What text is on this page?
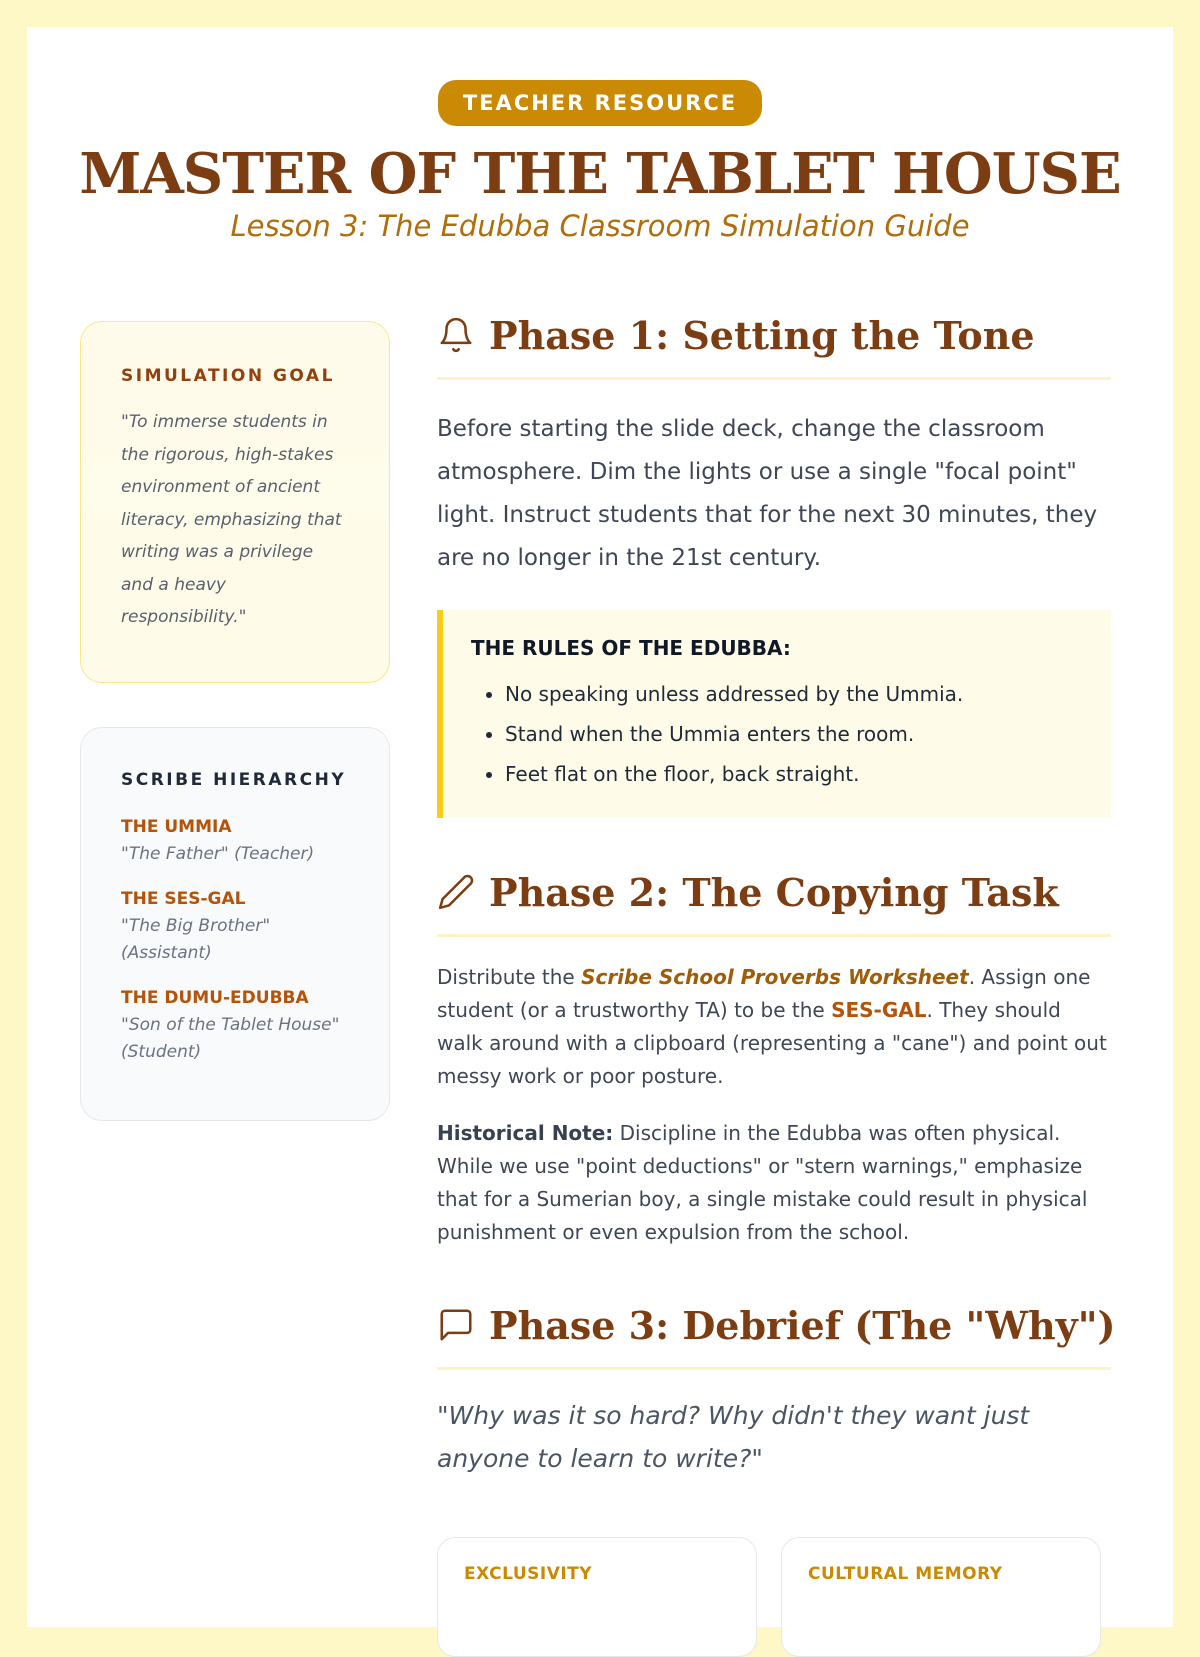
TEACHER RESOURCE
MASTER OF THE TABLET HOUSE

Lesson 3: The Edubba Classroom Simulation Guide

SIMULATION GOAL

"To immerse students in the rigorous, high-stakes environment of ancient literacy, emphasizing that writing was a privilege and a heavy responsibility."

SCRIBE HIERARCHY
THE UMMIA
"The Father" (Teacher)
THE SES-GAL
"The Big Brother" (Assistant)
THE DUMU-EDUBBA
"Son of the Tablet House" (Student)
Phase 1: Setting the Tone

Before starting the slide deck, change the classroom atmosphere. Dim the lights or use a single "focal point" light. Instruct students that for the next 30 minutes, they are no longer in the 21st century.

THE RULES OF THE EDUBBA:

• No speaking unless addressed by the Ummia.
• Stand when the Ummia enters the room.
• Feet flat on the floor, back straight.
Phase 2: The Copying Task

Distribute the Scribe School Proverbs Worksheet. Assign one student (or a trustworthy TA) to be the SES-GAL. They should walk around with a clipboard (representing a "cane") and point out messy work or poor posture.

Historical Note: Discipline in the Edubba was often physical. While we use "point deductions" or "stern warnings," emphasize that for a Sumerian boy, a single mistake could result in physical punishment or even expulsion from the school.

Phase 3: Debrief (The "Why")

"Why was it so hard? Why didn't they want just anyone to learn to write?"

EXCLUSIVITY	CULTURAL MEMORY
